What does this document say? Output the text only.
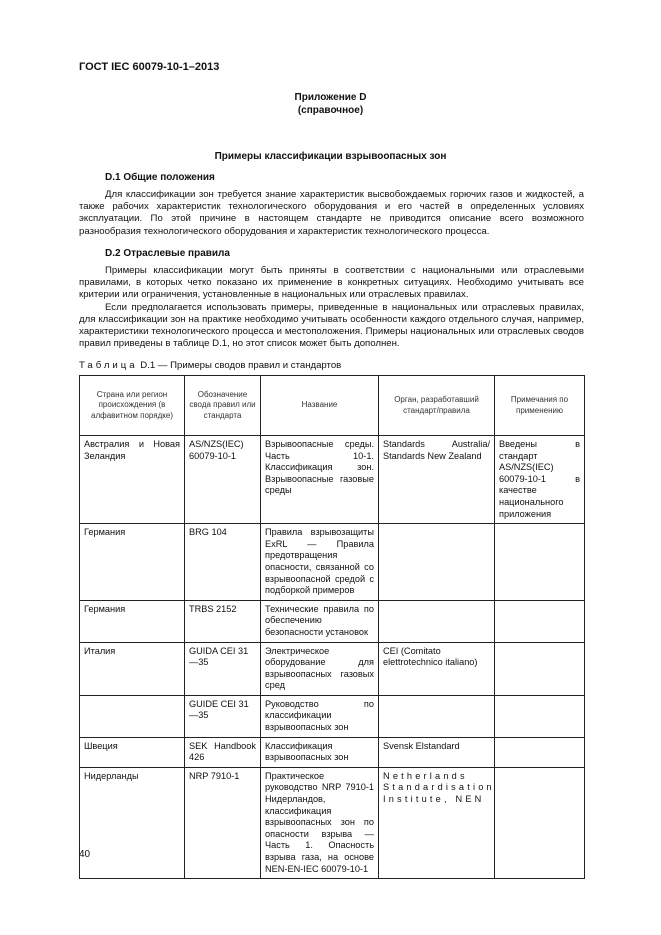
ГОСТ IEC 60079-10-1–2013
Приложение D
(справочное)
Примеры классификации взрывоопасных зон
D.1 Общие положения

Для классификации зон требуется знание характеристик высвобождаемых горючих газов и жидкостей, а также рабочих характеристик технологического оборудования и его частей в определенных условиях эксплуатации. По этой причине в настоящем стандарте не приводится описание всего возможного разнообразия технологического оборудования и характеристик технологического процесса.

D.2 Отраслевые правила

Примеры классификации могут быть приняты в соответствии с национальными или отраслевыми правилами, в которых четко показано их применение в конкретных ситуациях. Необходимо учитывать все критерии или ограничения, установленные в национальных или отраслевых правилах.

Если предполагается использовать примеры, приведенные в национальных или отраслевых правилах, для классификации зон на практике необходимо учитывать особенности каждого отдельного случая, например, характеристики технологического процесса и местоположения. Примеры национальных или отраслевых сводов правил приведены в таблице D.1, но этот список может быть дополнен.

Таблица D.1 — Примеры сводов правил и стандартов
Страна или регион происхождения (в алфавитном порядке)	Обозначение свода правил или стандарта	Название	Орган, разработавший стандарт/правила	Примечания по применению
Австралия и Новая Зеландия	AS/NZS(IEC) 60079-10-1	Взрывоопасные среды. Часть 10-1. Классификация зон. Взрывоопасные газовые среды	Standards Australia/ Standards New Zealand	Введены в стандарт AS/NZS(IEC) 60079-10-1 в качестве национального приложения
Германия	BRG 104	Правила взрывозащиты ExRL — Правила предотвращения опасности, связанной со взрывоопасной средой с подборкой примеров		
Германия	TRBS 2152	Технические правила по обеспечению безопасности установок		
Италия	GUIDA CEI 31—35	Электрическое оборудование для взрывоопасных газовых сред	CEI (Comitato elettrotechnico italiano)	
	GUIDE CEI 31—35	Руководство по классификации взрывоопасных зон		
Швеция	SEK Handbook 426	Классификация взрывоопасных зон	Svensk Elstandard	
Нидерланды	NRP 7910-1	Практическое руководство NRP 7910-1 Нидерландов, классификация взрывоопасных зон по опасности взрыва — Часть 1. Опасность взрыва газа, на основе NEN-EN-IEC 60079-10-1	Netherlands Standardisation Institute, NEN	
40
